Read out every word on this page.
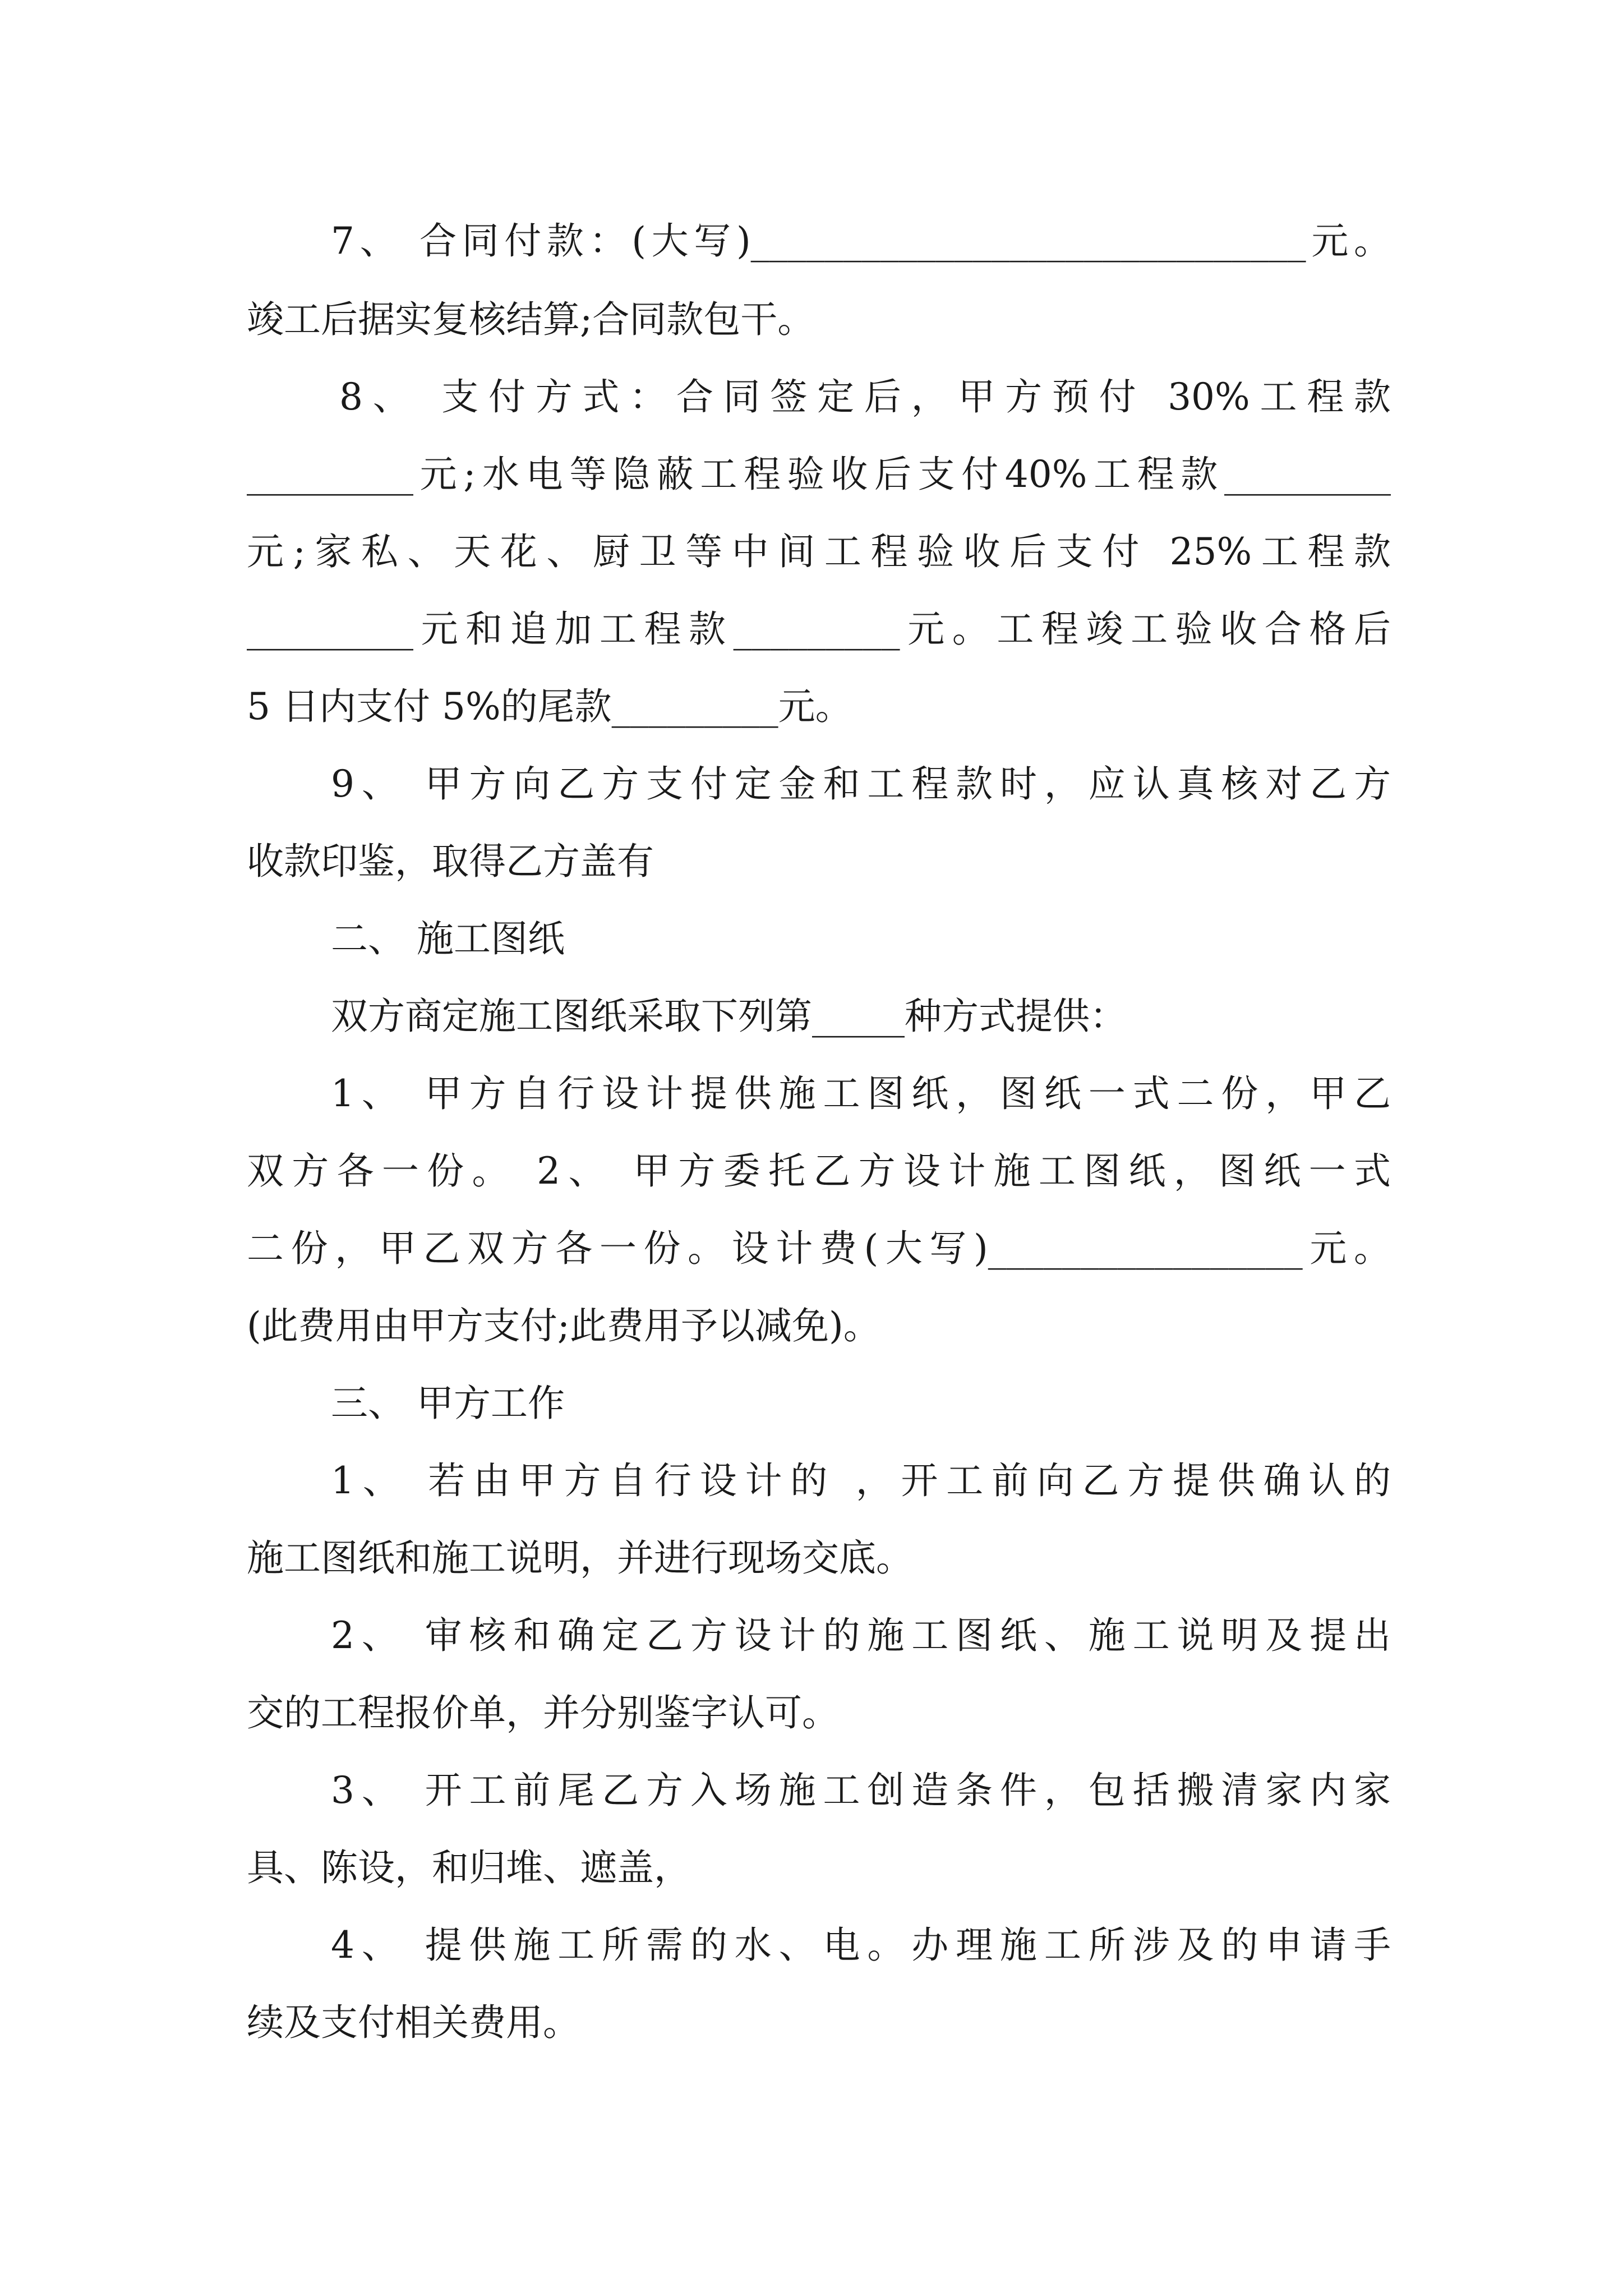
7、 合同付款：(大写)______________________________元。
竣工后据实复核结算;合同款包干。
8、 支付方式：合同签定后，甲方预付 30%工程款
_________元;水电等隐蔽工程验收后支付40%工程款_________
元;家私、天花、厨卫等中间工程验收后支付 25%工程款
_________元和追加工程款_________元。工程竣工验收合格后
5 日内支付 5%的尾款_________元。
9、 甲方向乙方支付定金和工程款时，应认真核对乙方
收款印鉴，取得乙方盖有
二、 施工图纸
双方商定施工图纸采取下列第_____种方式提供：
1、 甲方自行设计提供施工图纸，图纸一式二份，甲乙
双方各一份。 2、 甲方委托乙方设计施工图纸，图纸一式
二份，甲乙双方各一份。设计费(大写)_________________元。
(此费用由甲方支付;此费用予以减免)。
三、 甲方工作
1、 若由甲方自行设计的 ，开工前向乙方提供确认的
施工图纸和施工说明，并进行现场交底。
2、 审核和确定乙方设计的施工图纸、施工说明及提出
交的工程报价单，并分别鉴字认可。
3、 开工前尾乙方入场施工创造条件，包括搬清家内家
具、陈设，和归堆、遮盖，
4、 提供施工所需的水、电。办理施工所涉及的申请手
续及支付相关费用。
